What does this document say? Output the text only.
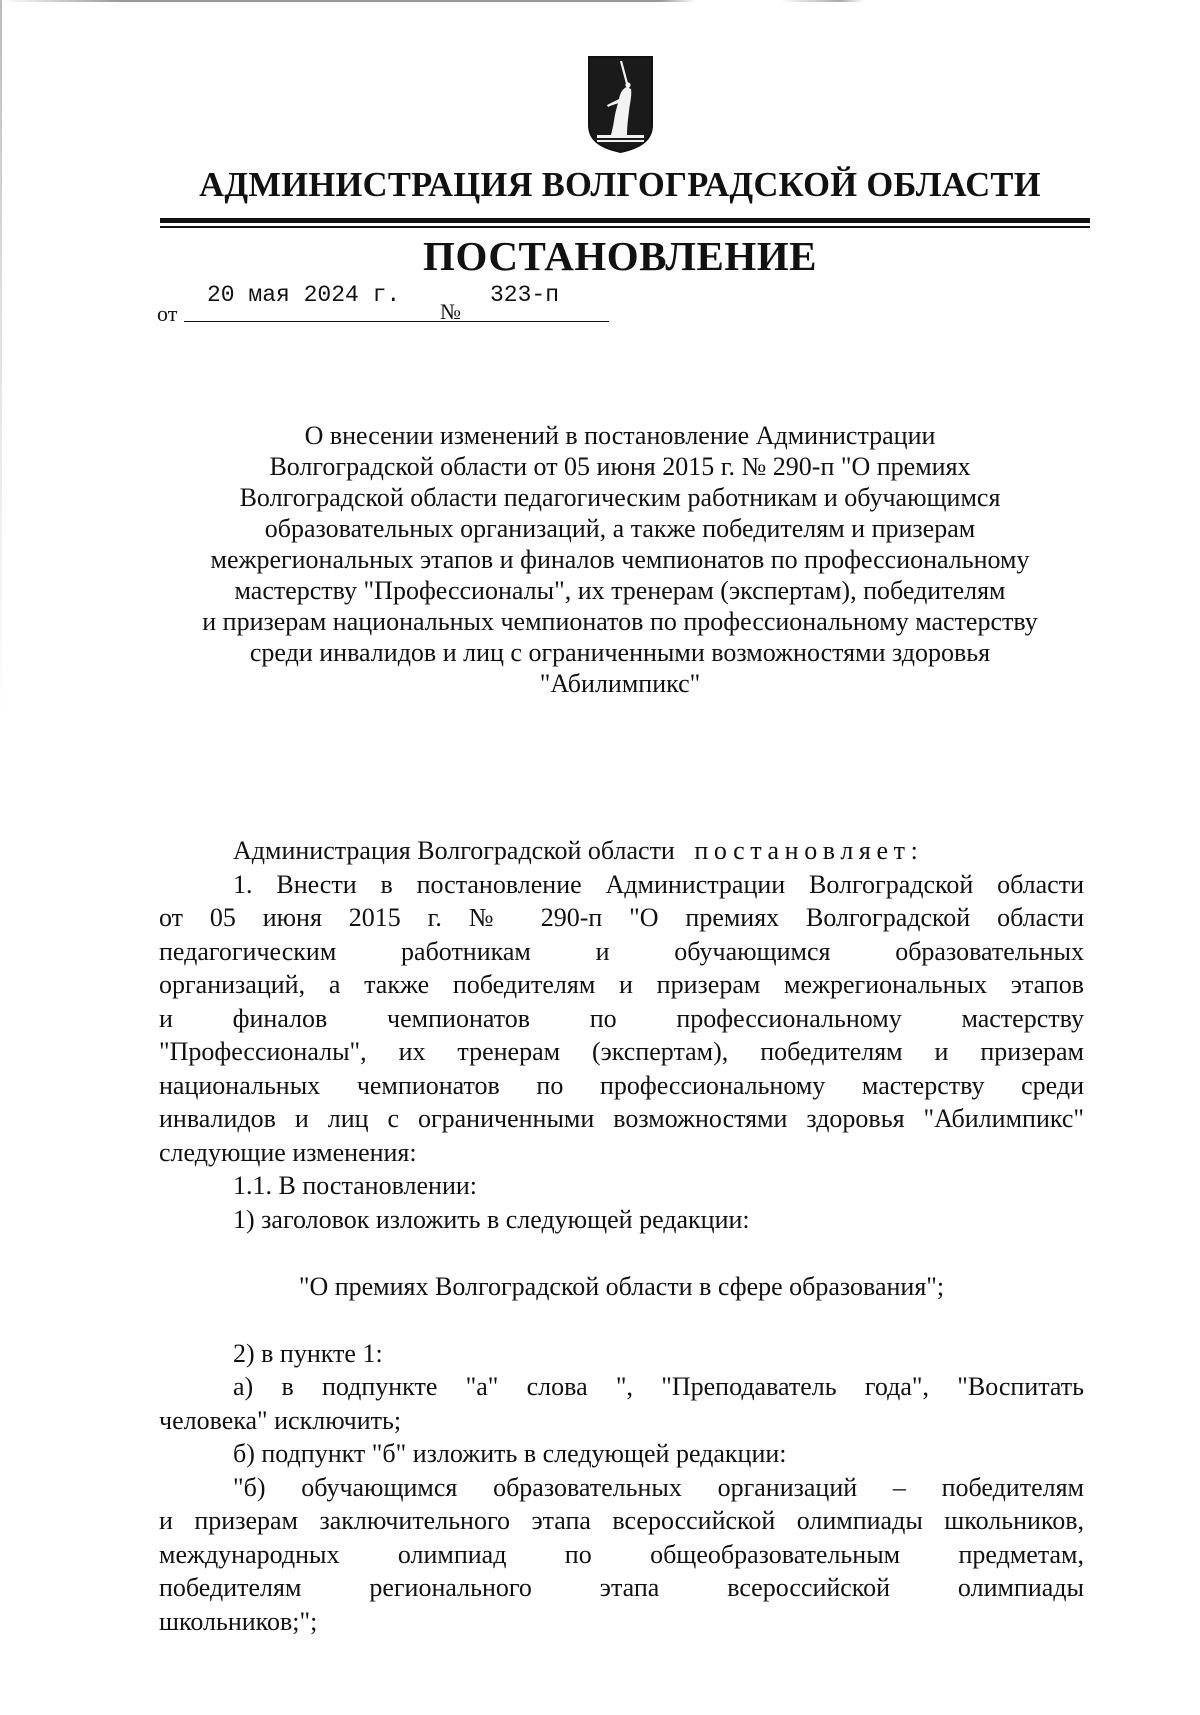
АДМИНИСТРАЦИЯ ВОЛГОГРАДСКОЙ ОБЛАСТИ
ПОСТАНОВЛЕНИЕ
от
20 мая 2024 г.
№
323-п
О внесении изменений в постановление Администрации
Волгоградской области от 05 июня 2015 г. № 290-п "О премиях
Волгоградской области педагогическим работникам и обучающимся
образовательных организаций, а также победителям и призерам
межрегиональных этапов и финалов чемпионатов по профессиональному
мастерству "Профессионалы", их тренерам (экспертам), победителям
и призерам национальных чемпионатов по профессиональному мастерству
среди инвалидов и лиц с ограниченными возможностями здоровья
"Абилимпикс"
Администрация Волгоградской области постановляет:
1. Внести в постановление Администрации Волгоградской области
от 05 июня 2015 г. № 290-п "О премиях Волгоградской области
педагогическим работникам и обучающимся образовательных
организаций, а также победителям и призерам межрегиональных этапов
и финалов чемпионатов по профессиональному мастерству
"Профессионалы", их тренерам (экспертам), победителям и призерам
национальных чемпионатов по профессиональному мастерству среди
инвалидов и лиц с ограниченными возможностями здоровья "Абилимпикс"
следующие изменения:
1.1. В постановлении:
1) заголовок изложить в следующей редакции:
"О премиях Волгоградской области в сфере образования";
2) в пункте 1:
а) в подпункте "а" слова ", "Преподаватель года", "Воспитать
человека" исключить;
б) подпункт "б" изложить в следующей редакции:
"б) обучающимся образовательных организаций – победителям
и призерам заключительного этапа всероссийской олимпиады школьников,
международных олимпиад по общеобразовательным предметам,
победителям регионального этапа всероссийской олимпиады
школьников;";
